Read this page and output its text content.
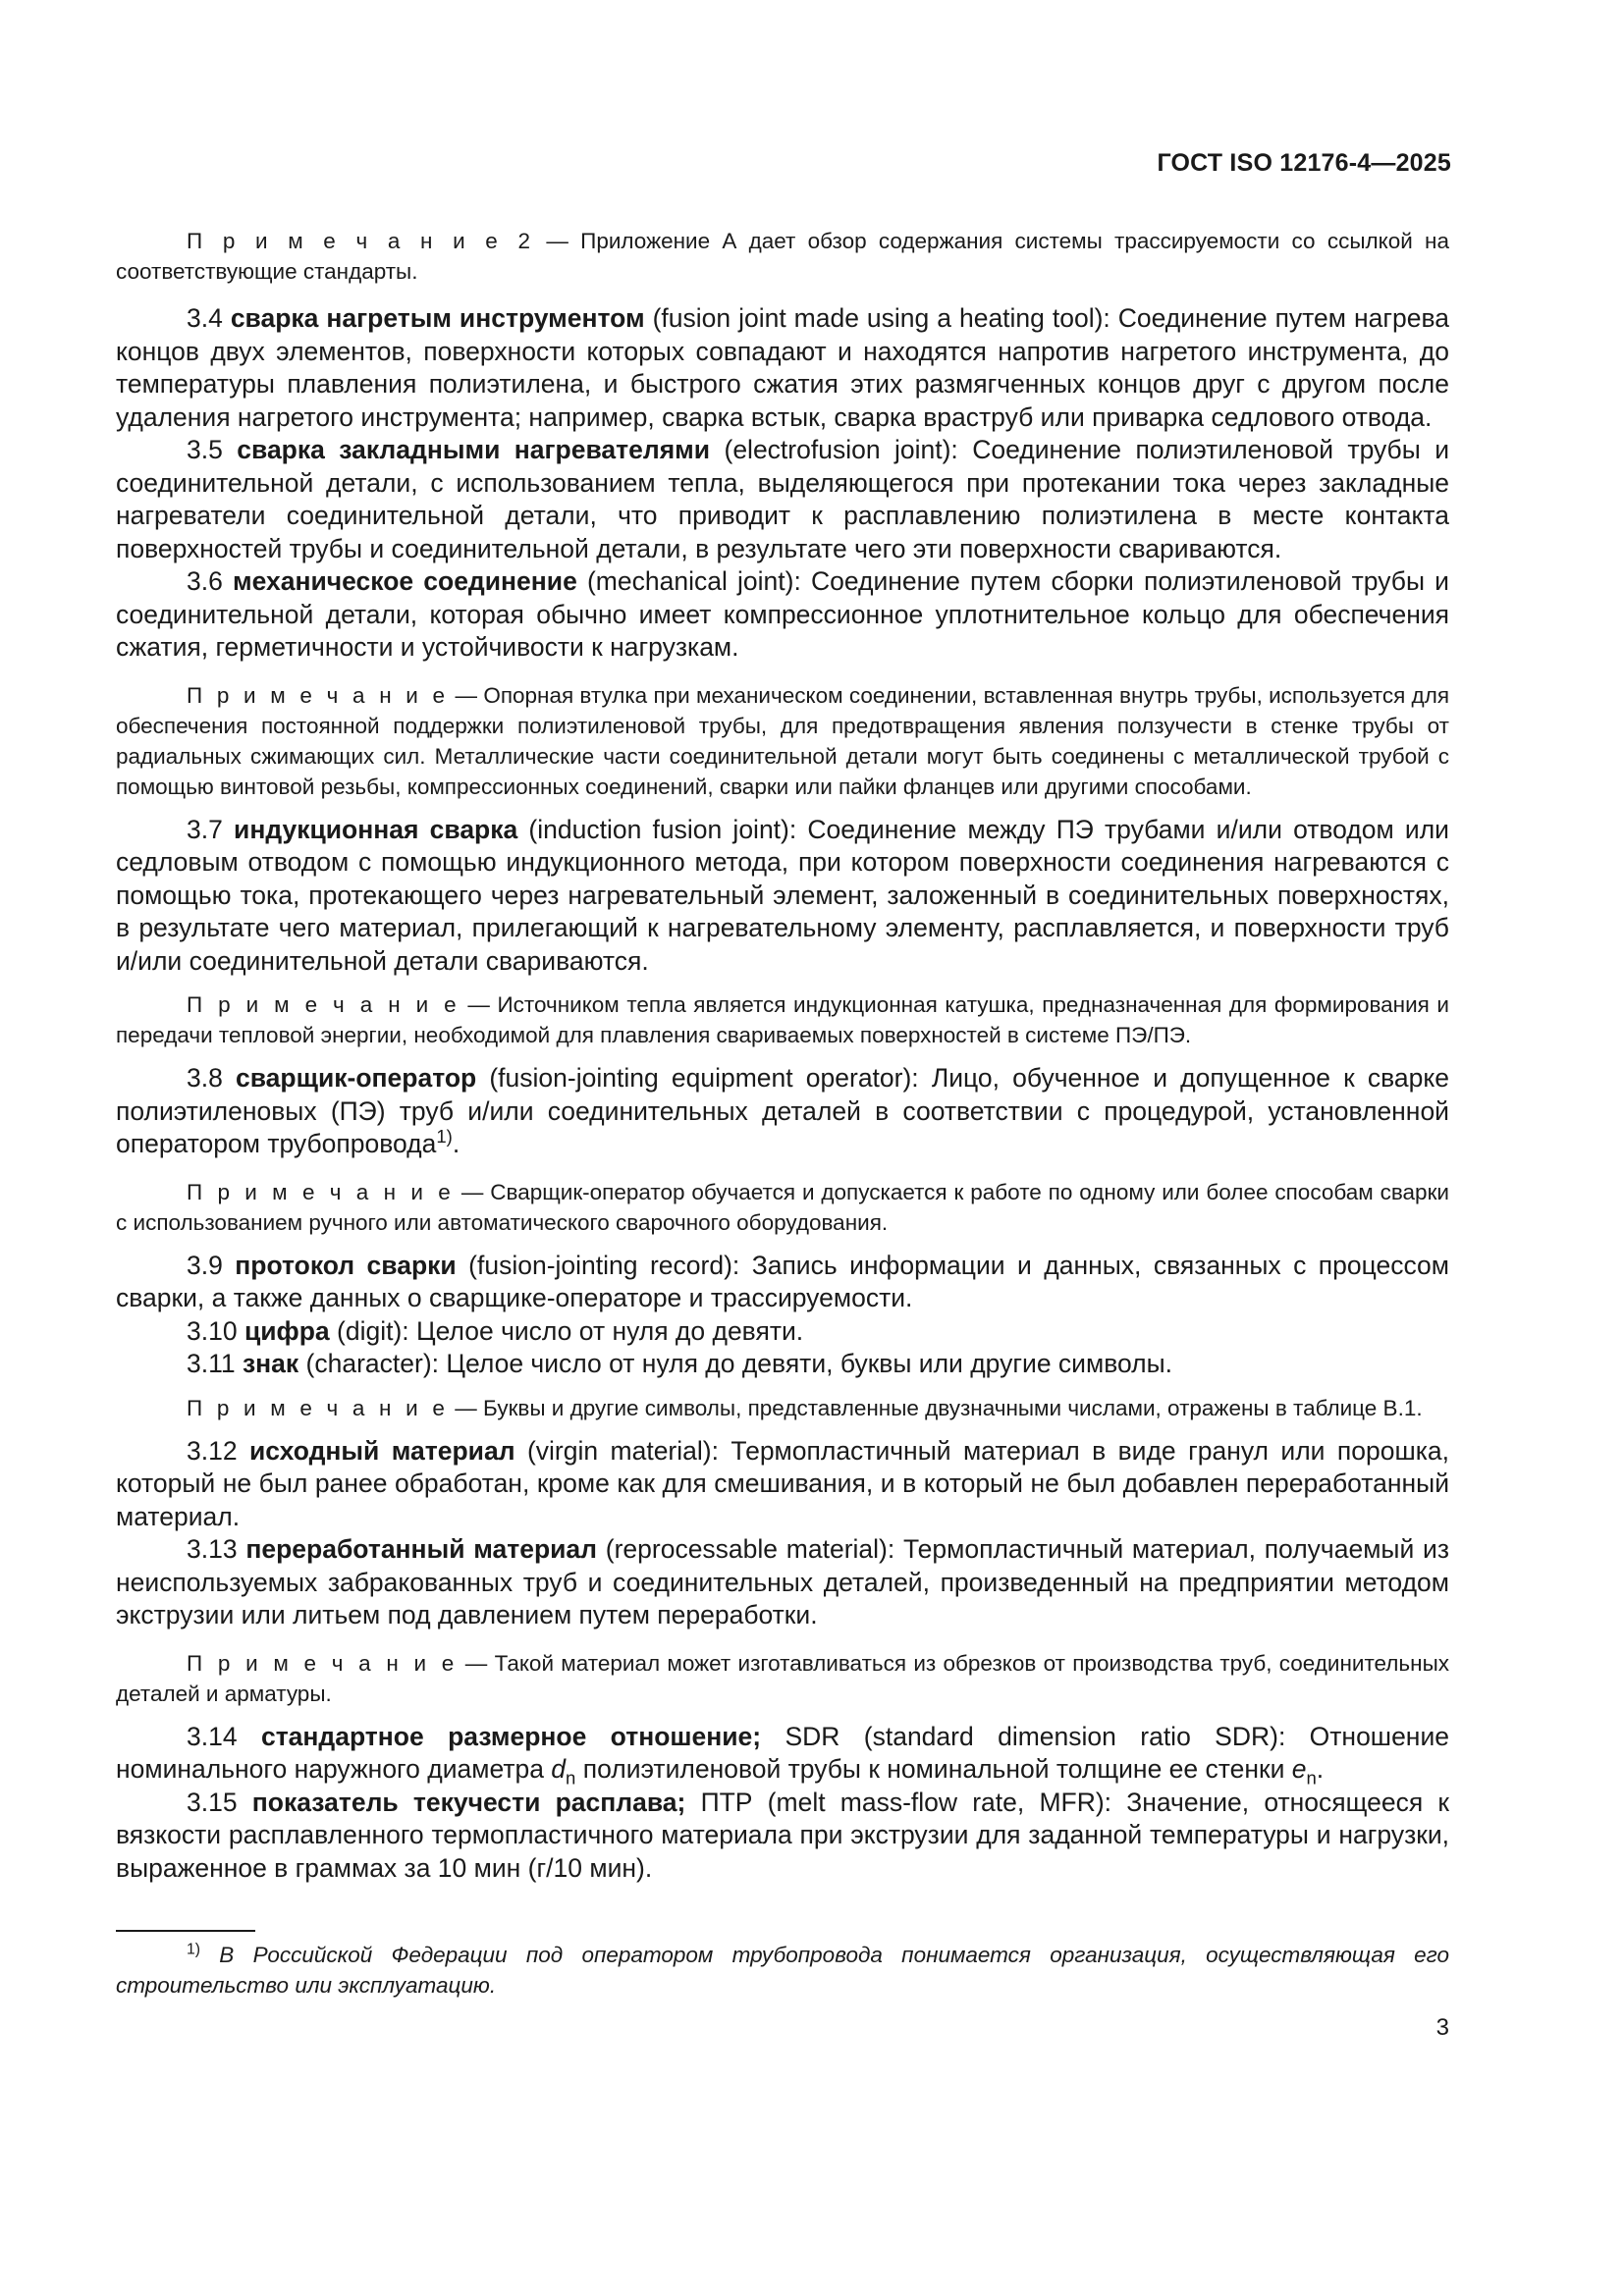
ГОСТ ISO 12176-4—2025

П р и м е ч а н и е 2 — Приложение А дает обзор содержания системы трассируемости со ссылкой на соответствующие стандарты.

3.4 сварка нагретым инструментом (fusion joint made using a heating tool): Соединение путем нагрева концов двух элементов, поверхности которых совпадают и находятся напротив нагретого инструмента, до температуры плавления полиэтилена, и быстрого сжатия этих размягченных концов друг с другом после удаления нагретого инструмента; например, сварка встык, сварка враструб или приварка седлового отвода.

3.5 сварка закладными нагревателями (electrofusion joint): Соединение полиэтиленовой трубы и соединительной детали, с использованием тепла, выделяющегося при протекании тока через закладные нагреватели соединительной детали, что приводит к расплавлению полиэтилена в месте контакта поверхностей трубы и соединительной детали, в результате чего эти поверхности свариваются.

3.6 механическое соединение (mechanical joint): Соединение путем сборки полиэтиленовой трубы и соединительной детали, которая обычно имеет компрессионное уплотнительное кольцо для обеспечения сжатия, герметичности и устойчивости к нагрузкам.

П р и м е ч а н и е — Опорная втулка при механическом соединении, вставленная внутрь трубы, используется для обеспечения постоянной поддержки полиэтиленовой трубы, для предотвращения явления ползучести в стенке трубы от радиальных сжимающих сил. Металлические части соединительной детали могут быть соединены с металлической трубой с помощью винтовой резьбы, компрессионных соединений, сварки или пайки фланцев или другими способами.

3.7 индукционная сварка (induction fusion joint): Соединение между ПЭ трубами и/или отводом или седловым отводом с помощью индукционного метода, при котором поверхности соединения нагреваются с помощью тока, протекающего через нагревательный элемент, заложенный в соединительных поверхностях, в результате чего материал, прилегающий к нагревательному элементу, расплавляется, и поверхности труб и/или соединительной детали свариваются.

П р и м е ч а н и е — Источником тепла является индукционная катушка, предназначенная для формирования и передачи тепловой энергии, необходимой для плавления свариваемых поверхностей в системе ПЭ/ПЭ.

3.8 сварщик-оператор (fusion-jointing equipment operator): Лицо, обученное и допущенное к сварке полиэтиленовых (ПЭ) труб и/или соединительных деталей в соответствии с процедурой, установленной оператором трубопровода$^{1)}$.

П р и м е ч а н и е — Сварщик-оператор обучается и допускается к работе по одному или более способам сварки с использованием ручного или автоматического сварочного оборудования.

3.9 протокол сварки (fusion-jointing record): Запись информации и данных, связанных с процессом сварки, а также данных о сварщике-операторе и трассируемости.

3.10 цифра (digit): Целое число от нуля до девяти.

3.11 знак (character): Целое число от нуля до девяти, буквы или другие символы.

П р и м е ч а н и е — Буквы и другие символы, представленные двузначными числами, отражены в таблице В.1.

3.12 исходный материал (virgin material): Термопластичный материал в виде гранул или порошка, который не был ранее обработан, кроме как для смешивания, и в который не был добавлен переработанный материал.

3.13 переработанный материал (reprocessable material): Термопластичный материал, получаемый из неиспользуемых забракованных труб и соединительных деталей, произведенный на предприятии методом экструзии или литьем под давлением путем переработки.

П р и м е ч а н и е — Такой материал может изготавливаться из обрезков от производства труб, соединительных деталей и арматуры.

3.14 стандартное размерное отношение; SDR (standard dimension ratio SDR): Отношение номинального наружного диаметра $d_n$ полиэтиленовой трубы к номинальной толщине ее стенки $e_n$.

3.15 показатель текучести расплава; ПТР (melt mass-flow rate, MFR): Значение, относящееся к вязкости расплавленного термопластичного материала при экструзии для заданной температуры и нагрузки, выраженное в граммах за 10 мин (г/10 мин).

$^{1)}$ В Российской Федерации под оператором трубопровода понимается организация, осуществляющая его строительство или эксплуатацию.

3
